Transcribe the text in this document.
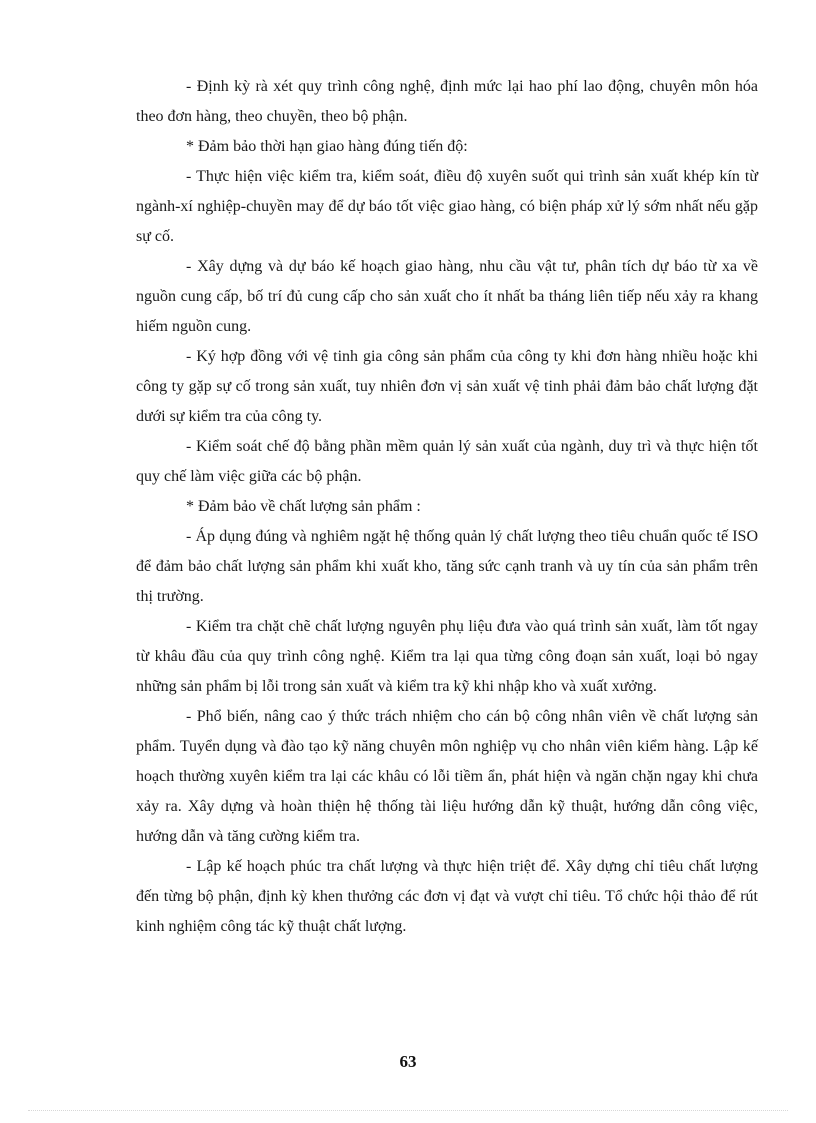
- Định kỳ rà xét quy trình công nghệ, định mức lại hao phí lao động, chuyên môn hóa theo đơn hàng, theo chuyền, theo bộ phận.

* Đảm bảo thời hạn giao hàng đúng tiến độ:

- Thực hiện việc kiểm tra, kiểm soát, điều độ xuyên suốt qui trình sản xuất khép kín từ ngành-xí nghiệp-chuyền may để dự báo tốt việc giao hàng, có biện pháp xử lý sớm nhất nếu gặp sự cố.

- Xây dựng và dự báo kế hoạch giao hàng, nhu cầu vật tư, phân tích dự báo từ xa về nguồn cung cấp, bố trí đủ cung cấp cho sản xuất cho ít nhất ba tháng liên tiếp nếu xảy ra khang hiếm nguồn cung.

- Ký hợp đồng với vệ tinh gia công sản phẩm của công ty khi đơn hàng nhiều hoặc khi công ty gặp sự cố trong sản xuất, tuy nhiên đơn vị sản xuất vệ tinh phải đảm bảo chất lượng đặt dưới sự kiểm tra của công ty.

- Kiểm soát chế độ bằng phần mềm quản lý sản xuất của ngành, duy trì và thực hiện tốt quy chế làm việc giữa các bộ phận.

* Đảm bảo về chất lượng sản phẩm :

- Áp dụng đúng và nghiêm ngặt hệ thống quản lý chất lượng theo tiêu chuẩn quốc tế ISO để đảm bảo chất lượng sản phẩm khi xuất kho, tăng sức cạnh tranh và uy tín của sản phẩm trên thị trường.

- Kiểm tra chặt chẽ chất lượng nguyên phụ liệu đưa vào quá trình sản xuất, làm tốt ngay từ khâu đầu của quy trình công nghệ. Kiểm tra lại qua từng công đoạn sản xuất, loại bỏ ngay những sản phẩm bị lỗi trong sản xuất và kiểm tra kỹ khi nhập kho và xuất xưởng.

- Phổ biến, nâng cao ý thức trách nhiệm cho cán bộ công nhân viên về chất lượng sản phẩm. Tuyển dụng và đào tạo kỹ năng chuyên môn nghiệp vụ cho nhân viên kiểm hàng. Lập kế hoạch thường xuyên kiểm tra lại các khâu có lỗi tiềm ẩn, phát hiện và ngăn chặn ngay khi chưa xảy ra. Xây dựng và hoàn thiện hệ thống tài liệu hướng dẫn kỹ thuật, hướng dẫn công việc, hướng dẫn và tăng cường kiểm tra.

- Lập kế hoạch phúc tra chất lượng và thực hiện triệt để. Xây dựng chỉ tiêu chất lượng đến từng bộ phận, định kỳ khen thưởng các đơn vị đạt và vượt chỉ tiêu. Tổ chức hội thảo để rút kinh nghiệm công tác kỹ thuật chất lượng.

63
